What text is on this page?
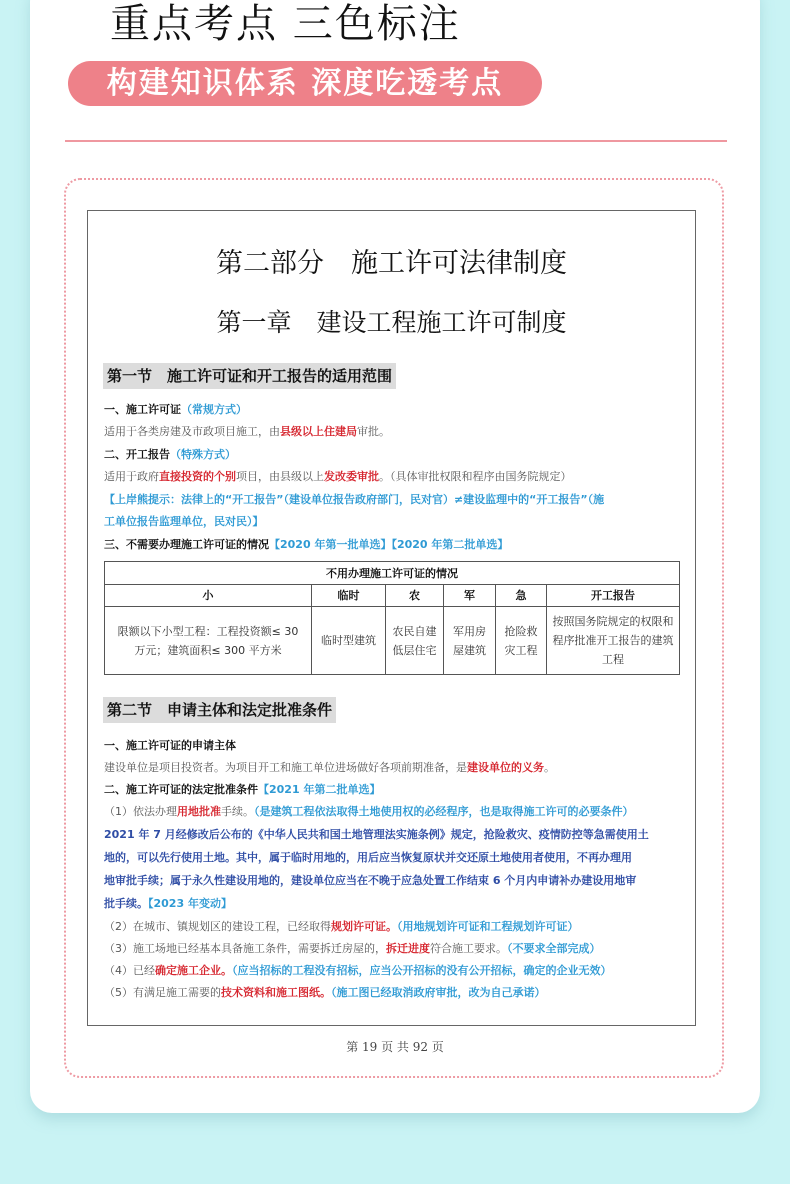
重点考点 三色标注
构建知识体系 深度吃透考点
第二部分　施工许可法律制度
第一章　建设工程施工许可制度
第一节　施工许可证和开工报告的适用范围
一、施工许可证（常规方式）
适用于各类房建及市政项目施工，由县级以上住建局审批。
二、开工报告（特殊方式）
适用于政府直接投资的个别项目，由县级以上发改委审批。（具体审批权限和程序由国务院规定）
【上岸熊提示：法律上的“开工报告”（建设单位报告政府部门，民对官）≠建设监理中的“开工报告”（施
工单位报告监理单位，民对民）】
三、不需要办理施工许可证的情况【2020 年第一批单选】【2020 年第二批单选】
不用办理施工许可证的情况					
小	临时	农	军	急	开工报告
限额以下小型工程：工程投资额≤ 30 万元；建筑面积≤ 300 平方米	临时型建筑	农民自建低层住宅	军用房屋建筑	抢险救灾工程	按照国务院规定的权限和程序批准开工报告的建筑工程
第二节　申请主体和法定批准条件
一、施工许可证的申请主体
建设单位是项目投资者。为项目开工和施工单位进场做好各项前期准备，是建设单位的义务。
二、施工许可证的法定批准条件【2021 年第二批单选】
（1）依法办理用地批准手续。（是建筑工程依法取得土地使用权的必经程序，也是取得施工许可的必要条件）
2021 年 7 月经修改后公布的《中华人民共和国土地管理法实施条例》规定，抢险救灾、疫情防控等急需使用土
地的，可以先行使用土地。其中，属于临时用地的，用后应当恢复原状并交还原土地使用者使用，不再办理用
地审批手续；属于永久性建设用地的，建设单位应当在不晚于应急处置工作结束 6 个月内申请补办建设用地审
批手续。【2023 年变动】
（2）在城市、镇规划区的建设工程，已经取得规划许可证。（用地规划许可证和工程规划许可证）
（3）施工场地已经基本具备施工条件，需要拆迁房屋的，拆迁进度符合施工要求。（不要求全部完成）
（4）已经确定施工企业。（应当招标的工程没有招标，应当公开招标的没有公开招标，确定的企业无效）
（5）有满足施工需要的技术资料和施工图纸。（施工图已经取消政府审批，改为自己承诺）
第 19 页 共 92 页
